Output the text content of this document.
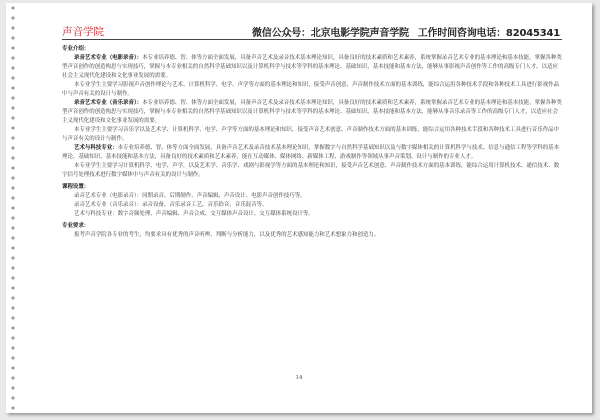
声音学院	微信公众号：北京电影学院声音学院 工作时间咨询电话：82045341

专业介绍：

录音艺术专业（电影录音）：本专业培养德、智、体等方面全面发展，具备声音艺术及录音技术基本理论知识，具备良好的技术素质和艺术素养，系统掌握录音艺术专业的基本理论和基本技能，掌握各种类型声音创作的创造构思与实现技巧，掌握与本专业相关的自然科学基础知识以及计算机科学与技术等学科的基本理论、基础知识、基本技能和基本方法，能够从事影视声音创作等工作的高级专门人才，以适应社会主义现代化建设和文化事业发展的需要。

本专业学生主要学习影视声音创作理论与艺术、计算机科学、电学、声学等方面的基本理论和知识，接受声音创意、声音制作技术方面的基本训练，能综合运用各种技术手段和各种技术工具进行影视作品中与声音有关的设计与制作。

录音艺术专业（音乐录音）：本专业培养德、智、体等方面全面发展，具备声音艺术及录音技术基本理论知识，具备良好的技术素质和艺术素养，系统掌握录音艺术专业的基本理论和基本技能，掌握各种类型声音创作的创造构思与实现技巧，掌握与本专业相关的自然科学基础知识以及计算机科学与技术等学科的基本理论、基础知识、基本技能和基本方法，能够从事音乐录音等工作的高级专门人才，以适应社会主义现代化建设和文化事业发展的需要。

本专业学生主要学习音乐学以及艺术学、计算机科学、电学、声学等方面的基本理论和知识，接受声音艺术创意、声音制作技术方面的基本训练，能综合运用各种技术手段和各种技术工具进行音乐作品中与声音有关的设计与制作。

艺术与科技专业：本专业培养德、智、体等方面全面发展，具备声音艺术及录音技术基本理论知识，掌握数字与自然科学基础知识以及与数字媒体相关的计算机科学与技术、信息与通信工程等学科的基本理论、基础知识、基本技能和基本方法，具备良好的技术素质和艺术素养，能在互动媒体、媒体网络、新媒体工程、游戏制作等领域从事声音策划、设计与制作的专业人才。

本专业学生主要学习计算机科学、电学、声学，以及艺术学、音乐学、戏剧与影视学等方面的基本理论和知识，接受声音艺术创意、声音制作技术方面的基本训练，能综合运用计算机技术、通信技术、数字信号处理技术进行数字媒体中与声音有关的设计与制作。

课程设置：

录音艺术专业（电影录音）：同期录音、后期制作、声音编辑、声音设计、电影声音创作技巧等。

录音艺术专业（音乐录音）：录音设备、音乐录音工艺、音乐拾音、音乐混音等。

艺术与科技专业：数字音频处理、声音编辑、声音合成、交互媒体声音设计、交互媒体系统设计等。

专业要求：

报考声音学院各专业的考生，均要求具有优秀的声音听辨、判断与分析能力，以及优秀的艺术感知能力和艺术想象力和创造力。

14
